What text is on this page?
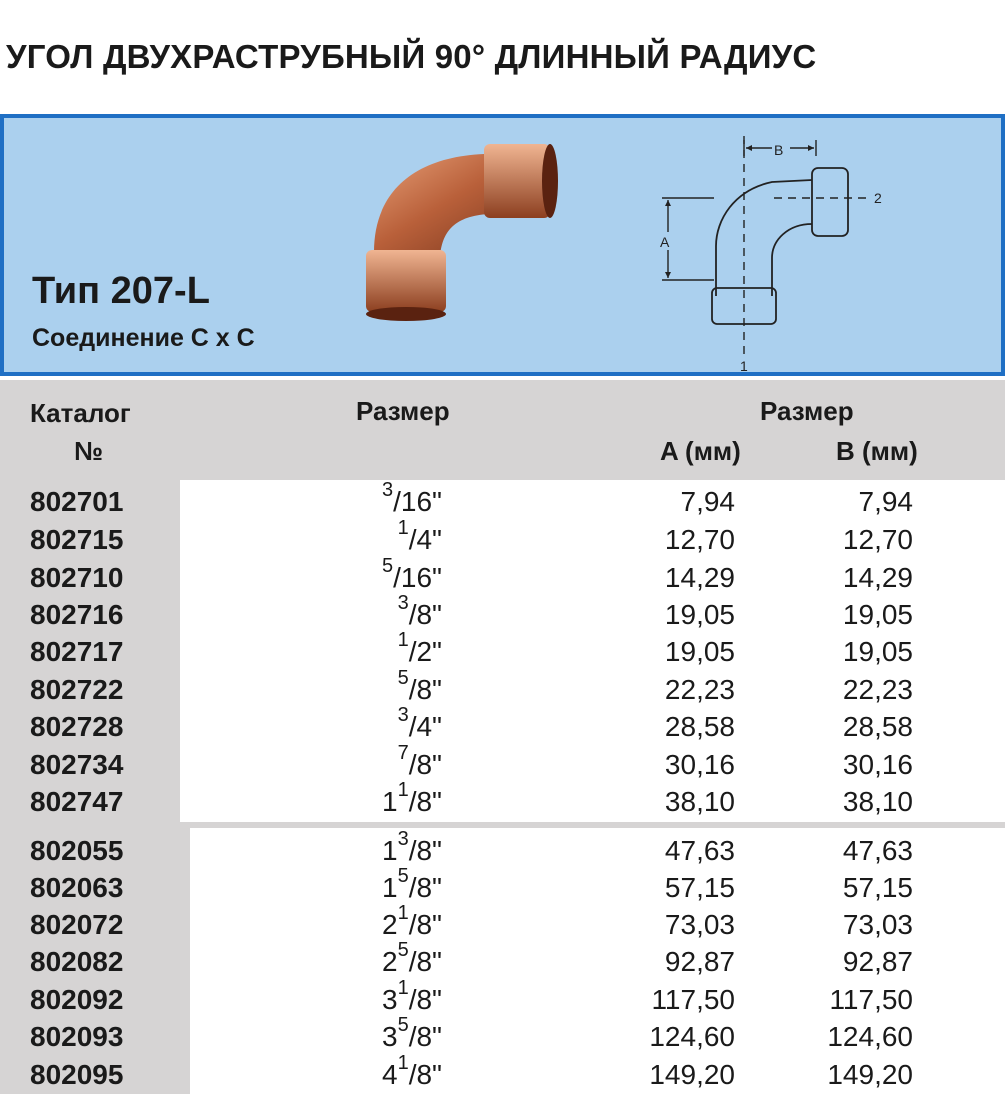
УГОЛ ДВУХРАСТРУБНЫЙ 90° ДЛИННЫЙ РАДИУС
B
A
1
2
Тип 207-L
Соединение С х С
Каталог
№
Размер	Размер
A (мм)	B (мм)
802701	$^3$/16"	7,94	7,94
802715	$^1$/4"	12,70	12,70
802710	$^5$/16"	14,29	14,29
802716	$^3$/8"	19,05	19,05
802717	$^1$/2"	19,05	19,05
802722	$^5$/8"	22,23	22,23
802728	$^3$/4"	28,58	28,58
802734	$^7$/8"	30,16	30,16
802747	$1^1/8$"	38,10	38,10
802055	$1^3/8$"	47,63	47,63
802063	$1^5/8$"	57,15	57,15
802072	$2^1/8$"	73,03	73,03
802082	$2^5/8$"	92,87	92,87
802092	$3^1/8$"	117,50	117,50
802093	$3^5/8$"	124,60	124,60
802095	$4^1/8$"	149,20	149,20
